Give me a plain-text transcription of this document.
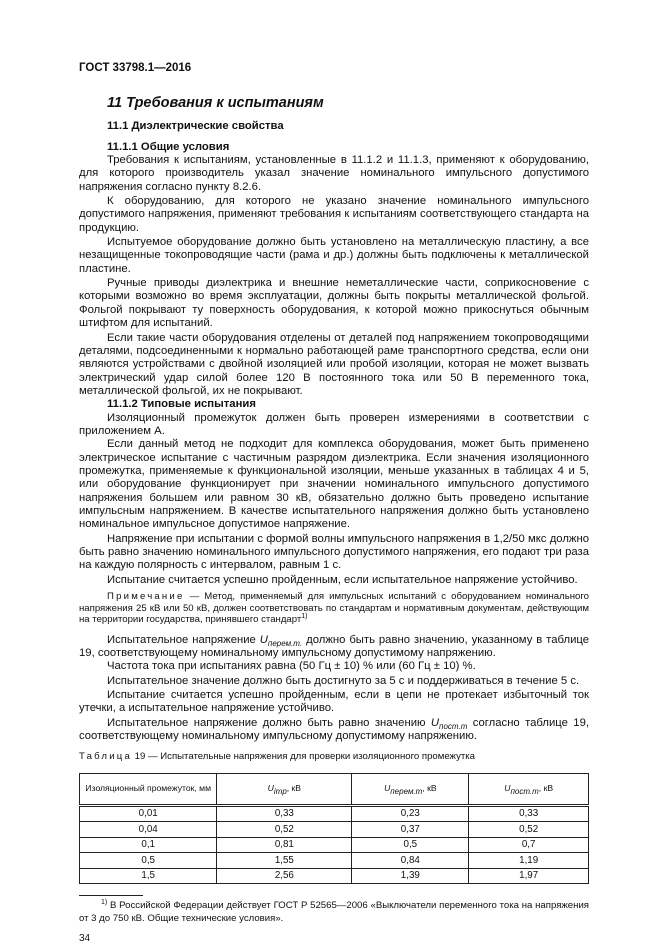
ГОСТ 33798.1—2016
11 Требования к испытаниям
11.1 Диэлектрические свойства
11.1.1 Общие условия

Требования к испытаниям, установленные в 11.1.2 и 11.1.3, применяют к оборудованию, для которого производитель указал значение номинального импульсного допустимого напряжения согласно пункту 8.2.6.

К оборудованию, для которого не указано значение номинального импульсного допустимого напряжения, применяют требования к испытаниям соответствующего стандарта на продукцию.

Испытуемое оборудование должно быть установлено на металлическую пластину, а все незащищенные токопроводящие части (рама и др.) должны быть подключены к металлической пластине.

Ручные приводы диэлектрика и внешние неметаллические части, соприкосновение с которыми возможно во время эксплуатации, должны быть покрыты металлической фольгой. Фольгой покрывают ту поверхность оборудования, к которой можно прикоснуться обычным штифтом для испытаний.

Если такие части оборудования отделены от деталей под напряжением токопроводящими деталями, подсоединенными к нормально работающей раме транспортного средства, если они являются устройствами с двойной изоляцией или пробой изоляции, которая не может вызвать электрический удар силой более 120 В постоянного тока или 50 В переменного тока, металлической фольгой, их не покрывают.

11.1.2 Типовые испытания

Изоляционный промежуток должен быть проверен измерениями в соответствии с приложением А.

Если данный метод не подходит для комплекса оборудования, может быть применено электрическое испытание с частичным разрядом диэлектрика. Если значения изоляционного промежутка, применяемые к функциональной изоляции, меньше указанных в таблицах 4 и 5, или оборудование функционирует при значении номинального импульсного допустимого напряжения большем или равном 30 кВ, обязательно должно быть проведено испытание импульсным напряжением. В качестве испытательного напряжения должно быть установлено номинальное импульсное допустимое напряжение.

Напряжение при испытании с формой волны импульсного напряжения в 1,2/50 мкс должно быть равно значению номинального импульсного допустимого напряжения, его подают три раза на каждую полярность с интервалом, равным 1 с.

Испытание считается успешно пройденным, если испытательное напряжение устойчиво.

Примечание — Метод, применяемый для импульсных испытаний с оборудованием номинального напряжения 25 кВ или 50 кВ, должен соответствовать по стандартам и нормативным документам, действующим на территории государства, принявшего стандарт$^{1)}$

Испытательное напряжение $U_{перем.m.}$ должно быть равно значению, указанному в таблице 19, соответствующему номинальному импульсному допустимому напряжению.

Частота тока при испытаниях равна (50 Гц ± 10) % или (60 Гц ± 10) %.

Испытательное значение должно быть достигнуто за 5 с и поддерживаться в течение 5 с.

Испытание считается успешно пройденным, если в цепи не протекает избыточный ток утечки, а испытательное напряжение устойчиво.

Испытательное напряжение должно быть равно значению $U_{пост.m}$ согласно таблице 19, соответствующему номинальному импульсному допустимому напряжению.

Таблица 19 — Испытательные напряжения для проверки изоляционного промежутка
Изоляционный промежуток, мм	$U_{imp}$, кВ	$U_{перем.m}$, кВ	$U_{пост.m}$, кВ
0,01	0,33	0,23	0,33
0,04	0,52	0,37	0,52
0,1	0,81	0,5	0,7
0,5	1,55	0,84	1,19
1,5	2,56	1,39	1,97
$^{1)}$ В Российской Федерации действует ГОСТ Р 52565—2006 «Выключатели переменного тока на напряжения от 3 до 750 кВ. Общие технические условия».
34
